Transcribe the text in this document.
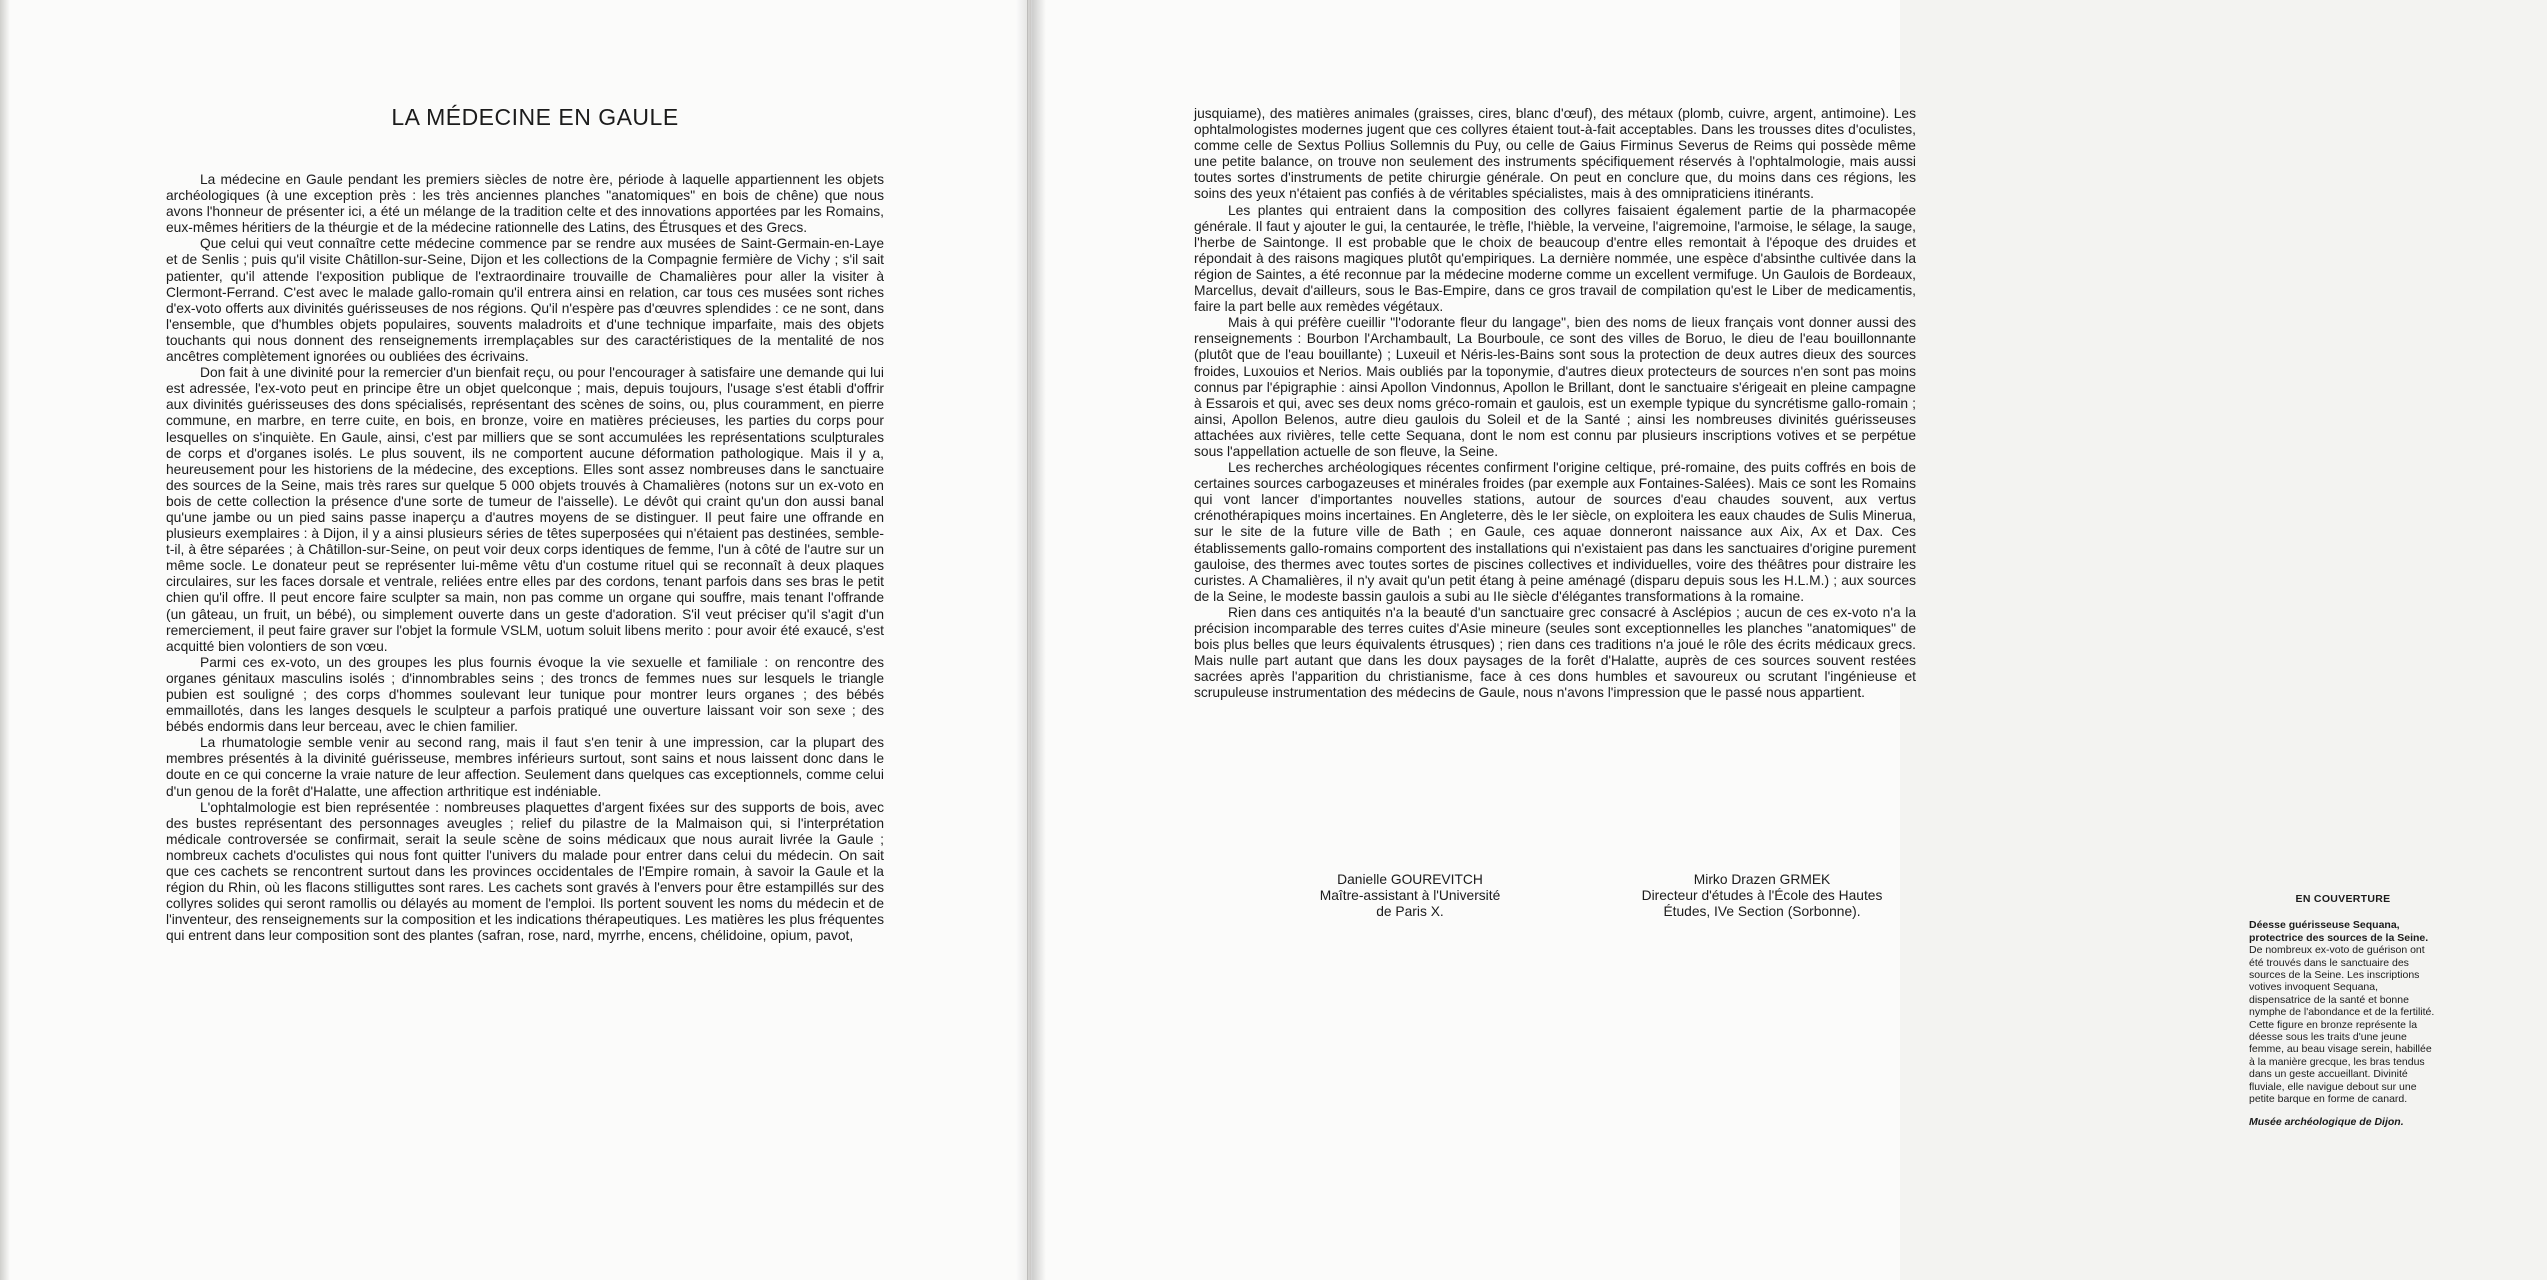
LA MÉDECINE EN GAULE

La médecine en Gaule pendant les premiers siècles de notre ère, période à laquelle appartiennent les objets archéologiques (à une exception près : les très anciennes planches "anatomiques" en bois de chêne) que nous avons l'honneur de présenter ici, a été un mélange de la tradition celte et des innovations apportées par les Romains, eux-mêmes héritiers de la théurgie et de la médecine rationnelle des Latins, des Étrusques et des Grecs.

Que celui qui veut connaître cette médecine commence par se rendre aux musées de Saint-Germain-en-Laye et de Senlis ; puis qu'il visite Châtillon-sur-Seine, Dijon et les collections de la Compagnie fermière de Vichy ; s'il sait patienter, qu'il attende l'exposition publique de l'extraordinaire trouvaille de Chamalières pour aller la visiter à Clermont-Ferrand. C'est avec le malade gallo-romain qu'il entrera ainsi en relation, car tous ces musées sont riches d'ex-voto offerts aux divinités guérisseuses de nos régions. Qu'il n'espère pas d'œuvres splendides : ce ne sont, dans l'ensemble, que d'humbles objets populaires, souvents maladroits et d'une technique imparfaite, mais des objets touchants qui nous donnent des renseignements irremplaçables sur des caractéristiques de la mentalité de nos ancêtres complètement ignorées ou oubliées des écrivains.

Don fait à une divinité pour la remercier d'un bienfait reçu, ou pour l'encourager à satisfaire une demande qui lui est adressée, l'ex-voto peut en principe être un objet quelconque ; mais, depuis toujours, l'usage s'est établi d'offrir aux divinités guérisseuses des dons spécialisés, représentant des scènes de soins, ou, plus couramment, en pierre commune, en marbre, en terre cuite, en bois, en bronze, voire en matières précieuses, les parties du corps pour lesquelles on s'inquiète. En Gaule, ainsi, c'est par milliers que se sont accumulées les représentations sculpturales de corps et d'organes isolés. Le plus souvent, ils ne comportent aucune déformation pathologique. Mais il y a, heureusement pour les historiens de la médecine, des exceptions. Elles sont assez nombreuses dans le sanctuaire des sources de la Seine, mais très rares sur quelque 5 000 objets trouvés à Chamalières (notons sur un ex-voto en bois de cette collection la présence d'une sorte de tumeur de l'aisselle). Le dévôt qui craint qu'un don aussi banal qu'une jambe ou un pied sains passe inaperçu a d'autres moyens de se distinguer. Il peut faire une offrande en plusieurs exemplaires : à Dijon, il y a ainsi plusieurs séries de têtes superposées qui n'étaient pas destinées, semble-t-il, à être séparées ; à Châtillon-sur-Seine, on peut voir deux corps identiques de femme, l'un à côté de l'autre sur un même socle. Le donateur peut se représenter lui-même vêtu d'un costume rituel qui se reconnaît à deux plaques circulaires, sur les faces dorsale et ventrale, reliées entre elles par des cordons, tenant parfois dans ses bras le petit chien qu'il offre. Il peut encore faire sculpter sa main, non pas comme un organe qui souffre, mais tenant l'offrande (un gâteau, un fruit, un bébé), ou simplement ouverte dans un geste d'adoration. S'il veut préciser qu'il s'agit d'un remerciement, il peut faire graver sur l'objet la formule VSLM, uotum soluit libens merito : pour avoir été exaucé, s'est acquitté bien volontiers de son vœu.

Parmi ces ex-voto, un des groupes les plus fournis évoque la vie sexuelle et familiale : on rencontre des organes génitaux masculins isolés ; d'innombrables seins ; des troncs de femmes nues sur lesquels le triangle pubien est souligné ; des corps d'hommes soulevant leur tunique pour montrer leurs organes ; des bébés emmaillotés, dans les langes desquels le sculpteur a parfois pratiqué une ouverture laissant voir son sexe ; des bébés endormis dans leur berceau, avec le chien familier.

La rhumatologie semble venir au second rang, mais il faut s'en tenir à une impression, car la plupart des membres présentés à la divinité guérisseuse, membres inférieurs surtout, sont sains et nous laissent donc dans le doute en ce qui concerne la vraie nature de leur affection. Seulement dans quelques cas exceptionnels, comme celui d'un genou de la forêt d'Halatte, une affection arthritique est indéniable.

L'ophtalmologie est bien représentée : nombreuses plaquettes d'argent fixées sur des supports de bois, avec des bustes représentant des personnages aveugles ; relief du pilastre de la Malmaison qui, si l'interprétation médicale controversée se confirmait, serait la seule scène de soins médicaux que nous aurait livrée la Gaule ; nombreux cachets d'oculistes qui nous font quitter l'univers du malade pour entrer dans celui du médecin. On sait que ces cachets se rencontrent surtout dans les provinces occidentales de l'Empire romain, à savoir la Gaule et la région du Rhin, où les flacons stilliguttes sont rares. Les cachets sont gravés à l'envers pour être estampillés sur des collyres solides qui seront ramollis ou délayés au moment de l'emploi. Ils portent souvent les noms du médecin et de l'inventeur, des renseignements sur la composition et les indications thérapeutiques. Les matières les plus fréquentes qui entrent dans leur composition sont des plantes (safran, rose, nard, myrrhe, encens, chélidoine, opium, pavot,

jusquiame), des matières animales (graisses, cires, blanc d'œuf), des métaux (plomb, cuivre, argent, antimoine). Les ophtalmologistes modernes jugent que ces collyres étaient tout-à-fait acceptables. Dans les trousses dites d'oculistes, comme celle de Sextus Pollius Sollemnis du Puy, ou celle de Gaius Firminus Severus de Reims qui possède même une petite balance, on trouve non seulement des instruments spécifiquement réservés à l'ophtalmologie, mais aussi toutes sortes d'instruments de petite chirurgie générale. On peut en conclure que, du moins dans ces régions, les soins des yeux n'étaient pas confiés à de véritables spécialistes, mais à des omnipraticiens itinérants.

Les plantes qui entraient dans la composition des collyres faisaient également partie de la pharmacopée générale. Il faut y ajouter le gui, la centaurée, le trèfle, l'hièble, la verveine, l'aigremoine, l'armoise, le sélage, la sauge, l'herbe de Saintonge. Il est probable que le choix de beaucoup d'entre elles remontait à l'époque des druides et répondait à des raisons magiques plutôt qu'empiriques. La dernière nommée, une espèce d'absinthe cultivée dans la région de Saintes, a été reconnue par la médecine moderne comme un excellent vermifuge. Un Gaulois de Bordeaux, Marcellus, devait d'ailleurs, sous le Bas-Empire, dans ce gros travail de compilation qu'est le Liber de medicamentis, faire la part belle aux remèdes végétaux.

Mais à qui préfère cueillir "l'odorante fleur du langage", bien des noms de lieux français vont donner aussi des renseignements : Bourbon l'Archambault, La Bourboule, ce sont des villes de Boruo, le dieu de l'eau bouillonnante (plutôt que de l'eau bouillante) ; Luxeuil et Néris-les-Bains sont sous la protection de deux autres dieux des sources froides, Luxouios et Nerios. Mais oubliés par la toponymie, d'autres dieux protecteurs de sources n'en sont pas moins connus par l'épigraphie : ainsi Apollon Vindonnus, Apollon le Brillant, dont le sanctuaire s'érigeait en pleine campagne à Essarois et qui, avec ses deux noms gréco-romain et gaulois, est un exemple typique du syncrétisme gallo-romain ; ainsi, Apollon Belenos, autre dieu gaulois du Soleil et de la Santé ; ainsi les nombreuses divinités guérisseuses attachées aux rivières, telle cette Sequana, dont le nom est connu par plusieurs inscriptions votives et se perpétue sous l'appellation actuelle de son fleuve, la Seine.

Les recherches archéologiques récentes confirment l'origine celtique, pré-romaine, des puits coffrés en bois de certaines sources carbogazeuses et minérales froides (par exemple aux Fontaines-Salées). Mais ce sont les Romains qui vont lancer d'importantes nouvelles stations, autour de sources d'eau chaudes souvent, aux vertus crénothérapiques moins incertaines. En Angleterre, dès le Ier siècle, on exploitera les eaux chaudes de Sulis Minerua, sur le site de la future ville de Bath ; en Gaule, ces aquae donneront naissance aux Aix, Ax et Dax. Ces établissements gallo-romains comportent des installations qui n'existaient pas dans les sanctuaires d'origine purement gauloise, des thermes avec toutes sortes de piscines collectives et individuelles, voire des théâtres pour distraire les curistes. A Chamalières, il n'y avait qu'un petit étang à peine aménagé (disparu depuis sous les H.L.M.) ; aux sources de la Seine, le modeste bassin gaulois a subi au IIe siècle d'élégantes transformations à la romaine.

Rien dans ces antiquités n'a la beauté d'un sanctuaire grec consacré à Asclépios ; aucun de ces ex-voto n'a la précision incomparable des terres cuites d'Asie mineure (seules sont exceptionnelles les planches "anatomiques" de bois plus belles que leurs équivalents étrusques) ; rien dans ces traditions n'a joué le rôle des écrits médicaux grecs. Mais nulle part autant que dans les doux paysages de la forêt d'Halatte, auprès de ces sources souvent restées sacrées après l'apparition du christianisme, face à ces dons humbles et savoureux ou scrutant l'ingénieuse et scrupuleuse instrumentation des médecins de Gaule, nous n'avons l'impression que le passé nous appartient.

Danielle GOUREVITCH
Maître-assistant à l'Université
de Paris X.
Mirko Drazen GRMEK
Directeur d'études à l'École des Hautes
Études, IVe Section (Sorbonne).
EN COUVERTURE

Déesse guérisseuse Sequana, protectrice des sources de la Seine. De nombreux ex-voto de guérison ont été trouvés dans le sanctuaire des sources de la Seine. Les inscriptions votives invoquent Sequana, dispensatrice de la santé et bonne nymphe de l'abondance et de la fertilité. Cette figure en bronze représente la déesse sous les traits d'une jeune femme, au beau visage serein, habillée à la manière grecque, les bras tendus dans un geste accueillant. Divinité fluviale, elle navigue debout sur une petite barque en forme de canard.

Musée archéologique de Dijon.
